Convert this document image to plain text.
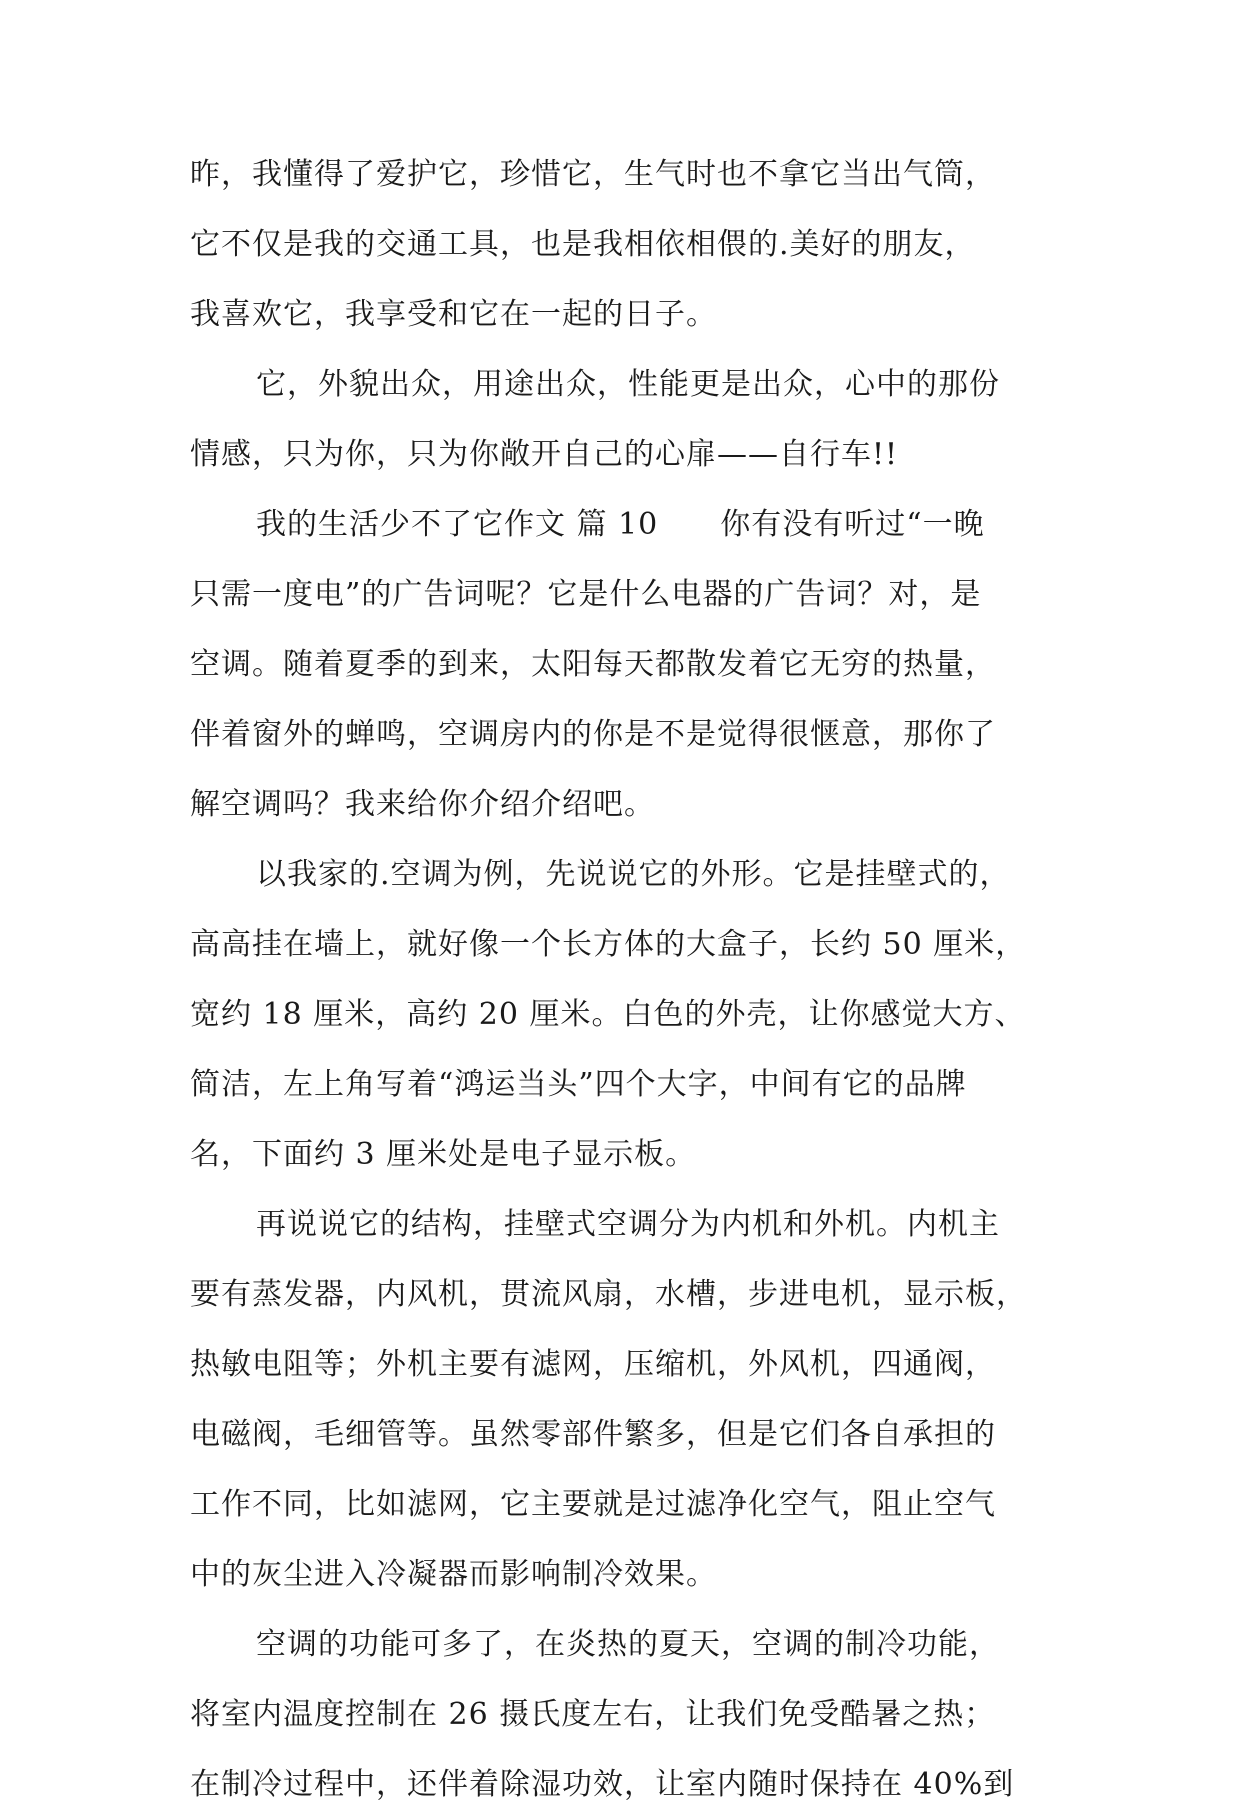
昨，我懂得了爱护它，珍惜它，生气时也不拿它当出气筒，
它不仅是我的交通工具，也是我相依相偎的.美好的朋友，
我喜欢它，我享受和它在一起的日子。
它，外貌出众，用途出众，性能更是出众，心中的那份
情感，只为你，只为你敞开自己的心扉——自行车!!
我的生活少不了它作文 篇 10　　你有没有听过“一晚
只需一度电”的广告词呢？它是什么电器的广告词？对，是
空调。随着夏季的到来，太阳每天都散发着它无穷的热量，
伴着窗外的蝉鸣，空调房内的你是不是觉得很惬意，那你了
解空调吗？我来给你介绍介绍吧。
以我家的.空调为例，先说说它的外形。它是挂壁式的，
高高挂在墙上，就好像一个长方体的大盒子，长约 50 厘米，
宽约 18 厘米，高约 20 厘米。白色的外壳，让你感觉大方、
简洁，左上角写着“鸿运当头”四个大字，中间有它的品牌
名，下面约 3 厘米处是电子显示板。
再说说它的结构，挂壁式空调分为内机和外机。内机主
要有蒸发器，内风机，贯流风扇，水槽，步进电机，显示板，
热敏电阻等；外机主要有滤网，压缩机，外风机，四通阀，
电磁阀，毛细管等。虽然零部件繁多，但是它们各自承担的
工作不同，比如滤网，它主要就是过滤净化空气，阻止空气
中的灰尘进入冷凝器而影响制冷效果。
空调的功能可多了，在炎热的夏天，空调的制冷功能，
将室内温度控制在 26 摄氏度左右，让我们免受酷暑之热；
在制冷过程中，还伴着除湿功效，让室内随时保持在 40%到
